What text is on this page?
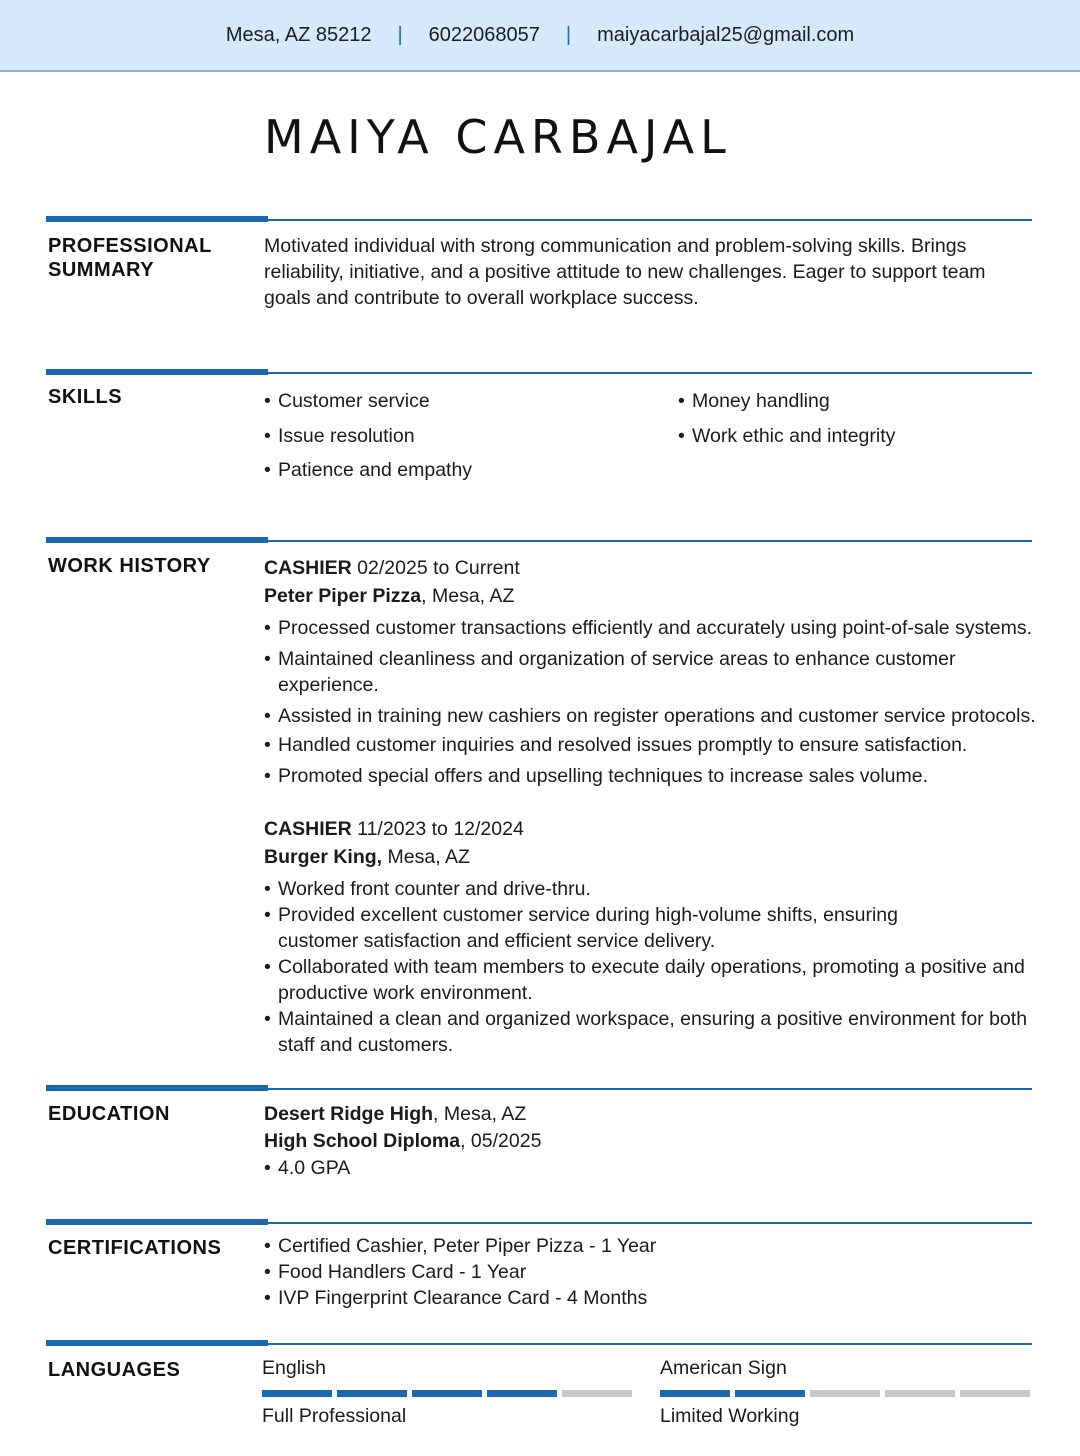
Mesa, AZ 85212 | 6022068057 | maiyacarbajal25@gmail.com
MAIYA CARBAJAL
PROFESSIONAL
SUMMARY
Motivated individual with strong communication and problem-solving skills. Brings reliability, initiative, and a positive attitude to new challenges. Eager to support team goals and contribute to overall workplace success.
SKILLS	• Customer service
• Issue resolution
• Patience and empathy
• Money handling
• Work ethic and integrity
WORK HISTORY	CASHIER 02/2025 to Current
Peter Piper Pizza, Mesa, AZ
• Processed customer transactions efficiently and accurately using point-of-sale systems.
• Maintained cleanliness and organization of service areas to enhance customer experience.
• Assisted in training new cashiers on register operations and customer service protocols.
• Handled customer inquiries and resolved issues promptly to ensure satisfaction.
• Promoted special offers and upselling techniques to increase sales volume.
CASHIER 11/2023 to 12/2024
Burger King, Mesa, AZ
• Worked front counter and drive-thru.
• Provided excellent customer service during high-volume shifts, ensuring customer satisfaction and efficient service delivery.
• Collaborated with team members to execute daily operations, promoting a positive and productive work environment.
• Maintained a clean and organized workspace, ensuring a positive environment for both staff and customers.
EDUCATION	Desert Ridge High, Mesa, AZ
High School Diploma, 05/2025
• 4.0 GPA
CERTIFICATIONS	• Certified Cashier, Peter Piper Pizza - 1 Year
• Food Handlers Card - 1 Year
• IVP Fingerprint Clearance Card - 4 Months
LANGUAGES	English
Full Professional
American Sign
Limited Working
